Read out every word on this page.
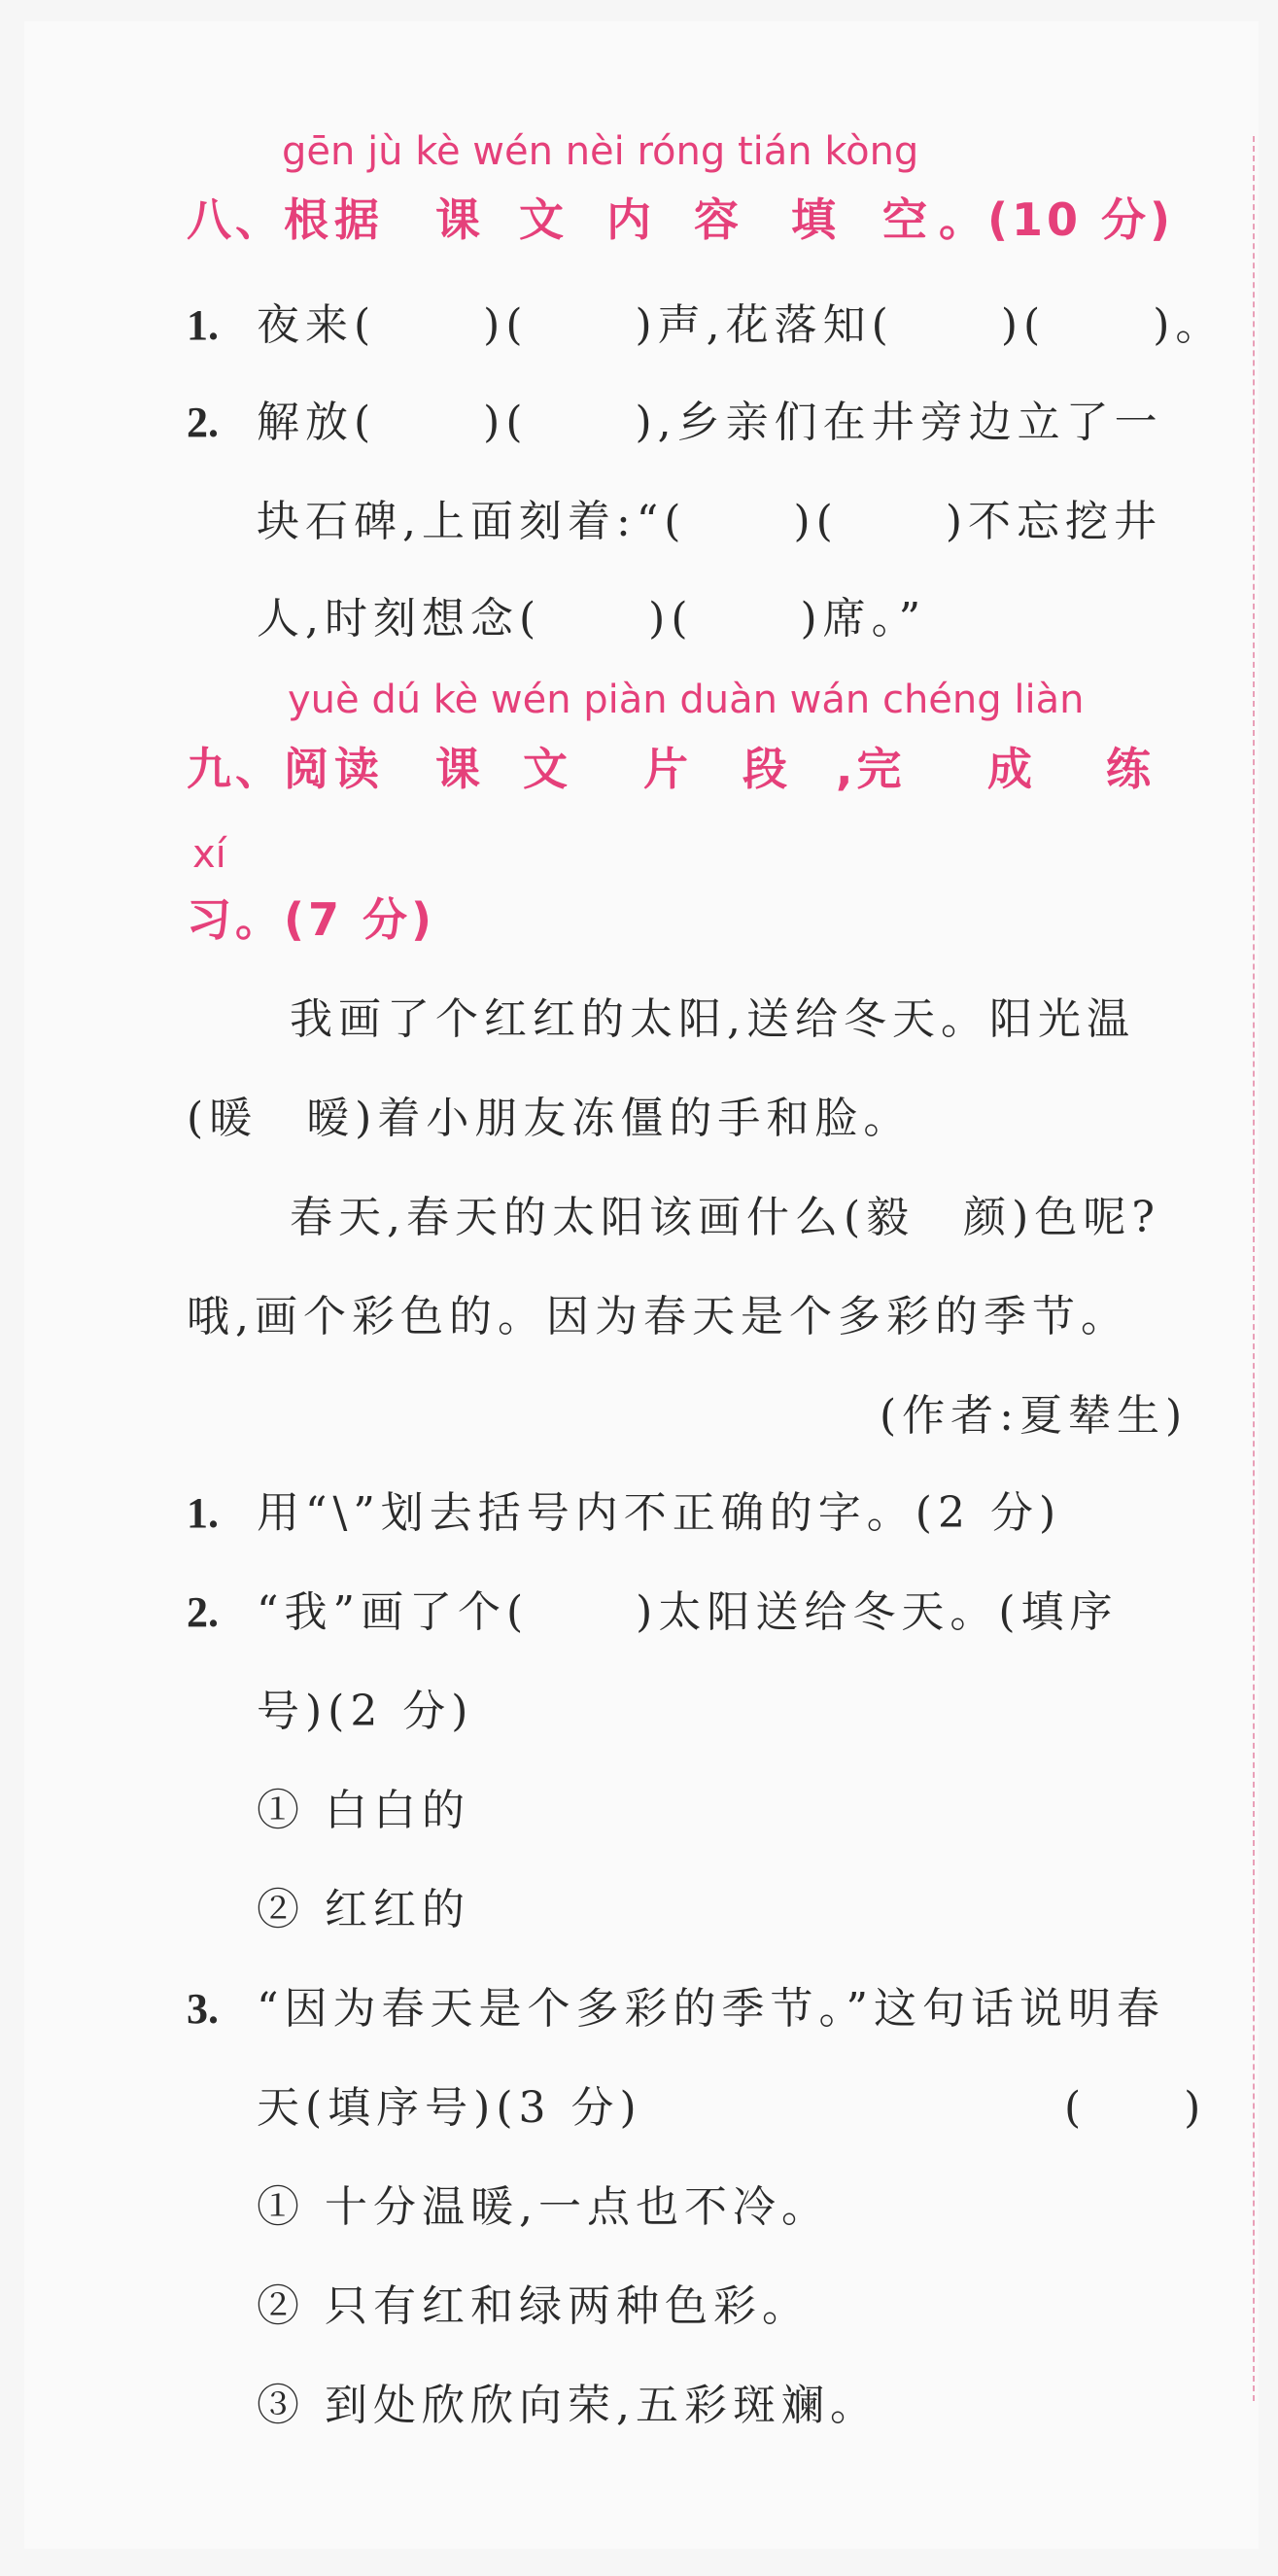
gēn jù kè wén nèi róng tián kòng
八、根据 课 文 内 容 填 空 。(10 分)
1. 夜来(	)(	)声,花落知(	)(	)。
2. 解放(	)(	),乡亲们在井旁边立了一
块石碑,上面刻着:“(	)(	)不忘挖井
人,时刻想念(	)(	)席。”
yuè dú kè wén piàn duàn wán chéng liàn
九、阅读 课 文 片 段 ,完 成 练
xí
习。(7 分)
我画了个红红的太阳,送给冬天。阳光温
(暖　暧)着小朋友冻僵的手和脸。
春天,春天的太阳该画什么(毅　颜)色呢?
哦,画个彩色的。因为春天是个多彩的季节。
(作者:夏辇生)
1. 用“\”划去括号内不正确的字。(2 分)
2. “我”画了个(	)太阳送给冬天。(填序
号)(2 分)
① 白白的
② 红红的
3. “因为春天是个多彩的季节。”这句话说明春
天(填序号)(3 分)	(　　)
① 十分温暖,一点也不冷。
② 只有红和绿两种色彩。
③ 到处欣欣向荣,五彩斑斓。
